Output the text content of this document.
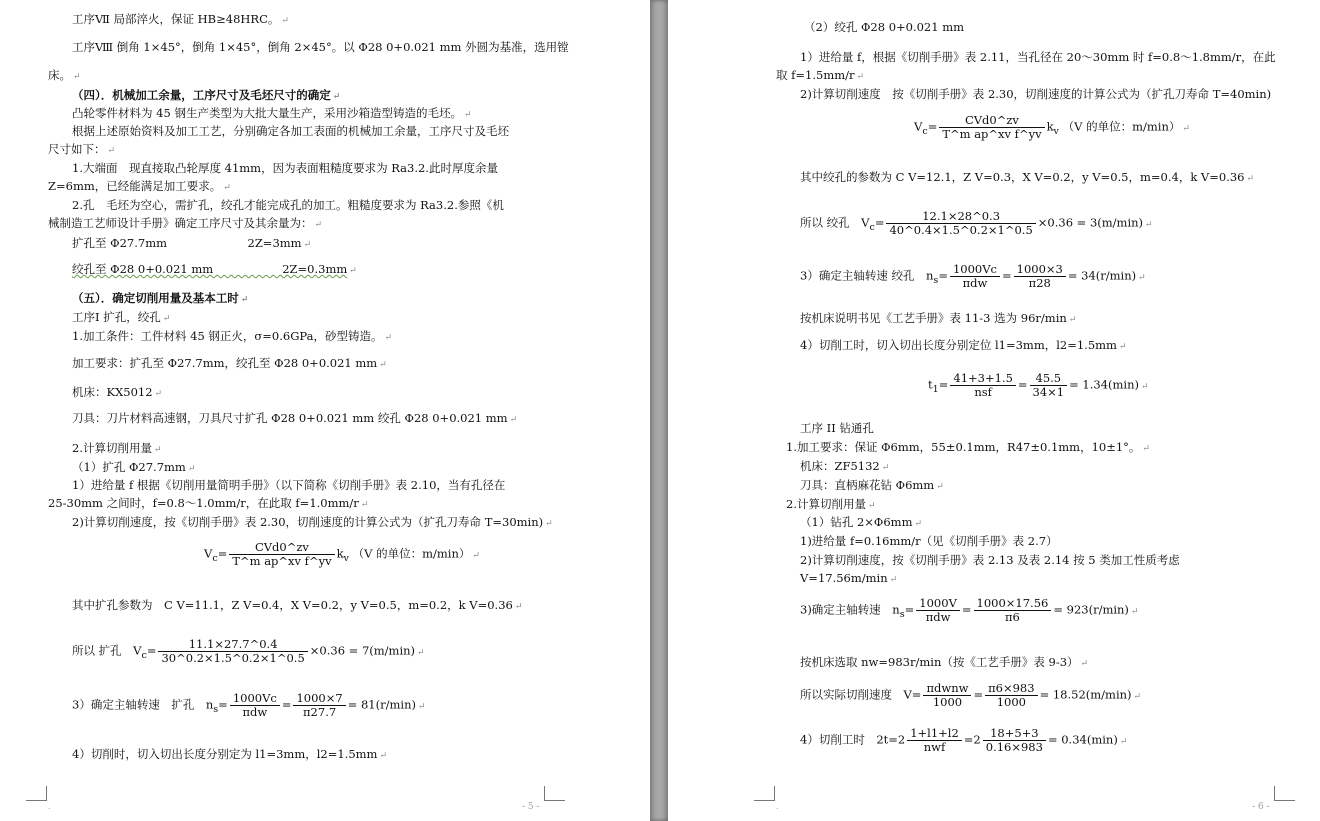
工序Ⅶ 局部淬火，保证 HB≥48HRC。 ↵
工序Ⅷ 倒角 1×45°，倒角 1×45°，倒角 2×45°。以 Φ28 0+0.021 mm 外圆为基准，选用镗
床。 ↵
（四）．机械加工余量，工序尺寸及毛坯尺寸的确定 ↵
凸轮零件材料为 45 钢生产类型为大批大量生产，采用沙箱造型铸造的毛坯。 ↵
根据上述原始资料及加工工艺，分别确定各加工表面的机械加工余量，工序尺寸及毛坯
尺寸如下： ↵
1.大端面　现直接取凸轮厚度 41mm，因为表面粗糙度要求为 Ra3.2.此时厚度余量
Z=6mm，已经能满足加工要求。 ↵
2.孔　毛坯为空心，需扩孔，绞孔才能完成孔的加工。粗糙度要求为 Ra3.2.参照《机
械制造工艺师设计手册》确定工序尺寸及其余量为： ↵
扩孔至 Φ27.7mm　　　　　　　2Z=3mm ↵
绞孔至 Φ28 0+0.021 mm　　　　　　2Z=0.3mm ↵
（五）．确定切削用量及基本工时 ↵
工序Ⅰ 扩孔，绞孔 ↵
1.加工条件：工件材料 45 钢正火，σ=0.6GPa，砂型铸造。 ↵
加工要求：扩孔至 Φ27.7mm，绞孔至 Φ28 0+0.021 mm ↵
机床：KX5012 ↵
刀具：刀片材料高速钢，刀具尺寸扩孔 Φ28 0+0.021 mm 绞孔 Φ28 0+0.021 mm ↵
2.计算切削用量 ↵
（1）扩孔 Φ27.7mm ↵
1）进给量 f 根据《切削用量简明手册》（以下简称《切削手册》表 2.10，当有孔径在
25-30mm 之间时，f=0.8～1.0mm/r，在此取 f=1.0mm/r ↵
2)计算切削速度，按《切削手册》表 2.30，切削速度的计算公式为（扩孔刀寿命 T=30min) ↵
$V_c= \frac{\text{CVd0\textasciicircum{}zv}}{\text{T\textasciicircum{}m ap\textasciicircum{}xv f\textasciicircum{}yv}} k_v$ （V 的单位：m/min） ↵
其中扩孔参数为　C V=11.1，Z V=0.4，X V=0.2，y V=0.5，m=0.2，k V=0.36 ↵
所以 扩孔　$V_c= \frac{11.1\times 27.7\^{}0.4}{30\^{}0.2\times 1.5\^{}0.2\times 1\^{}0.5} \times 0.36 = 7(m/\min)$ ↵
3）确定主轴转速　扩孔　$n_s= \frac{1000Vc}{\text{πdw}} = \frac{1000\times 7}{\pi 27.7} = 81(r/\min)$ ↵
4）切削时，切入切出长度分别定为 l1=3mm，l2=1.5mm ↵
.	- 5 -
（2）绞孔 Φ28 0+0.021 mm
1）进给量 f，根据《切削手册》表 2.11，当孔径在 20～30mm 时 f=0.8～1.8mm/r，在此
取 f=1.5mm/r ↵
2)计算切削速度　按《切削手册》表 2.30，切削速度的计算公式为（扩孔刀寿命 T=40min)
$V_c= \frac{\text{CVd0\textasciicircum{}zv}}{\text{T\textasciicircum{}m ap\textasciicircum{}xv f\textasciicircum{}yv}} k_v$ （V 的单位：m/min） ↵
其中绞孔的参数为 C V=12.1，Z V=0.3，X V=0.2，y V=0.5，m=0.4，k V=0.36 ↵
所以 绞孔　$V_c= \frac{12.1\times 28\^{}0.3}{40\^{}0.4\times 1.5\^{}0.2\times 1\^{}0.5} \times 0.36 = 3(m/\min)$ ↵
3）确定主轴转速 绞孔　$n_s= \frac{1000Vc}{\text{πdw}} = \frac{1000\times 3}{\pi 28} = 34(r/\min)$ ↵
按机床说明书见《工艺手册》表 11-3 选为 96r/min ↵
4）切削工时，切入切出长度分别定位 l1=3mm，l2=1.5mm ↵
$t_1= \frac{41+3+1.5}{\text{nsf}} = \frac{45.5}{34\times 1} = 1.34(\min)$ ↵
工序 II 钻通孔
1.加工要求：保证 Φ6mm，55±0.1mm，R47±0.1mm，10±1°。 ↵
机床：ZF5132 ↵
刀具：直柄麻花钻 Φ6mm ↵
2.计算切削用量 ↵
（1）钻孔 2×Φ6mm ↵
1)进给量 f=0.16mm/r（见《切削手册》表 2.7）
2)计算切削速度，按《切削手册》表 2.13 及表 2.14 按 5 类加工性质考虑
V=17.56m/min ↵
3)确定主轴转速　$n_s= \frac{1000V}{\text{πdw}} = \frac{1000\times 17.56}{\pi 6} = 923(r/\min)$ ↵
按机床选取 nw=983r/min（按《工艺手册》表 9-3） ↵
所以实际切削速度　$V= \frac{\text{πdwnw}}{1000} = \frac{\pi 6\times 983}{1000} = 18.52(m/\min)$ ↵
4）切削工时　$2t=2 \frac{1+l1+l2}{\text{nwf}} =2 \frac{18+5+3}{0.16\times 983} = 0.34(\min)$ ↵
.	- 6 -
